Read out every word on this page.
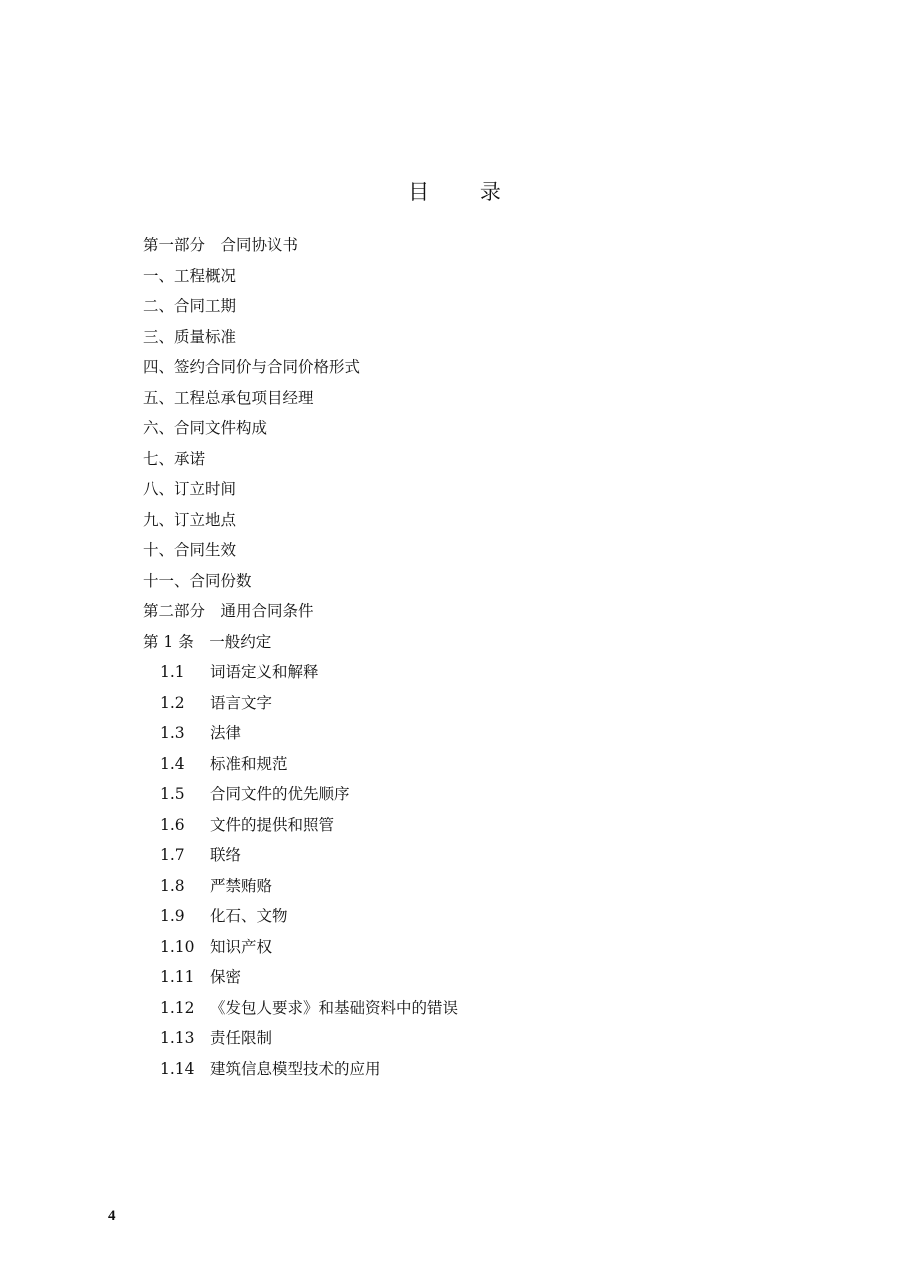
目 录
第一部分　合同协议书
一、工程概况
二、合同工期
三、质量标准
四、签约合同价与合同价格形式
五、工程总承包项目经理
六、合同文件构成
七、承诺
八、订立时间
九、订立地点
十、合同生效
十一、合同份数
第二部分　通用合同条件
第 1 条　一般约定
1.1 词语定义和解释
1.2 语言文字
1.3 法律
1.4 标准和规范
1.5 合同文件的优先顺序
1.6 文件的提供和照管
1.7 联络
1.8 严禁贿赂
1.9 化石、文物
1.10 知识产权
1.11 保密
1.12 《发包人要求》和基础资料中的错误
1.13 责任限制
1.14 建筑信息模型技术的应用
4
